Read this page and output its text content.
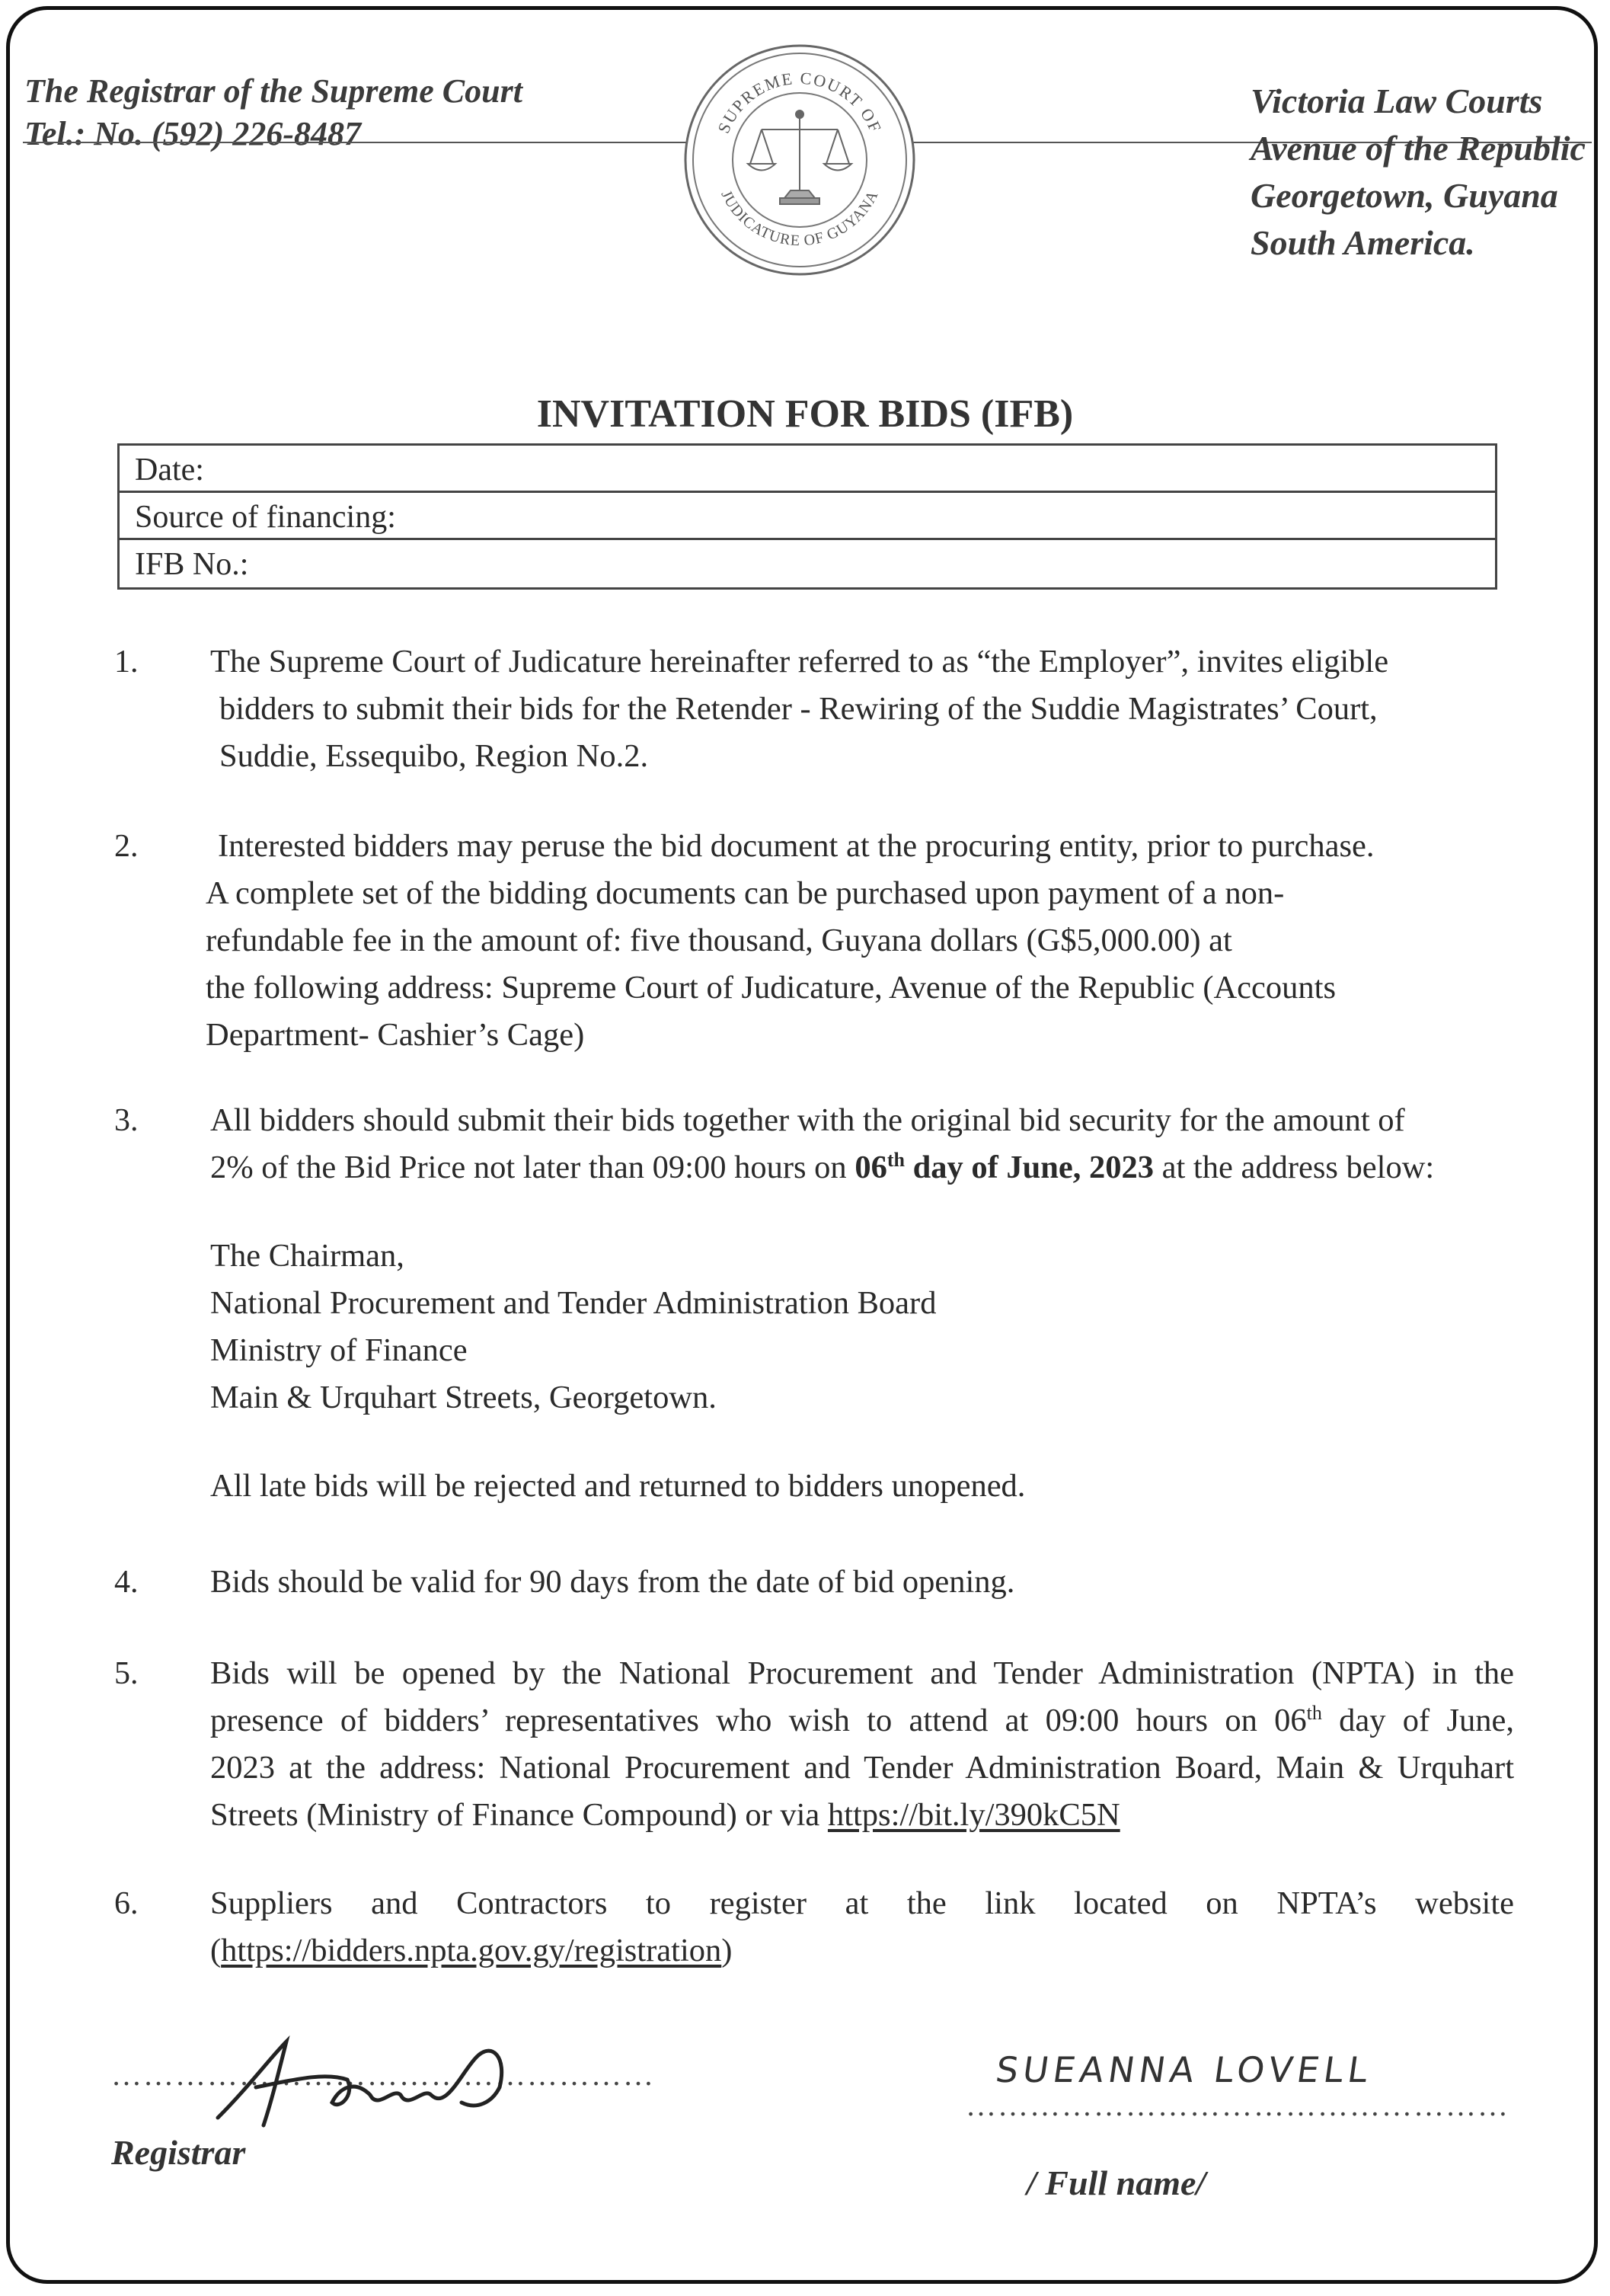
The Registrar of the Supreme Court
Tel.: No. (592) 226-8487	SUPREME COURT OF
JUDICATURE OF GUYANA
Victoria Law Courts
Avenue of the Republic
Georgetown, Guyana
South America.
INVITATION FOR BIDS (IFB)
Date:
Source of financing:
IFB No.:
1. The Supreme Court of Judicature hereinafter referred to as “the Employer”, invites eligible

bidders to submit their bids for the Retender - Rewiring of the Suddie Magistrates’ Court,

Suddie, Essequibo, Region No.2.

2. Interested bidders may peruse the bid document at the procuring entity, prior to purchase.

A complete set of the bidding documents can be purchased upon payment of a non-

refundable fee in the amount of: five thousand, Guyana dollars (G$5,000.00) at

the following address: Supreme Court of Judicature, Avenue of the Republic (Accounts

Department- Cashier’s Cage)

3. All bidders should submit their bids together with the original bid security for the amount of

2% of the Bid Price not later than 09:00 hours on 06th day of June, 2023 at the address below:

The Chairman,

National Procurement and Tender Administration Board

Ministry of Finance

Main & Urquhart Streets, Georgetown.

All late bids will be rejected and returned to bidders unopened.

4. Bids should be valid for 90 days from the date of bid opening.

5. Bids will be opened by the National Procurement and Tender Administration (NPTA) in the

presence of bidders’ representatives who wish to attend at 09:00 hours on 06th day of June,

2023 at the address: National Procurement and Tender Administration Board, Main & Urquhart

Streets (Ministry of Finance Compound) or via https://bit.ly/390kC5N

6. Suppliers and Contractors to register at the link located on NPTA’s website

(https://bidders.npta.gov.gy/registration)

……………………………………………
Registrar
SUEANNA LOVELL
……………………………………………
/ Full name/
